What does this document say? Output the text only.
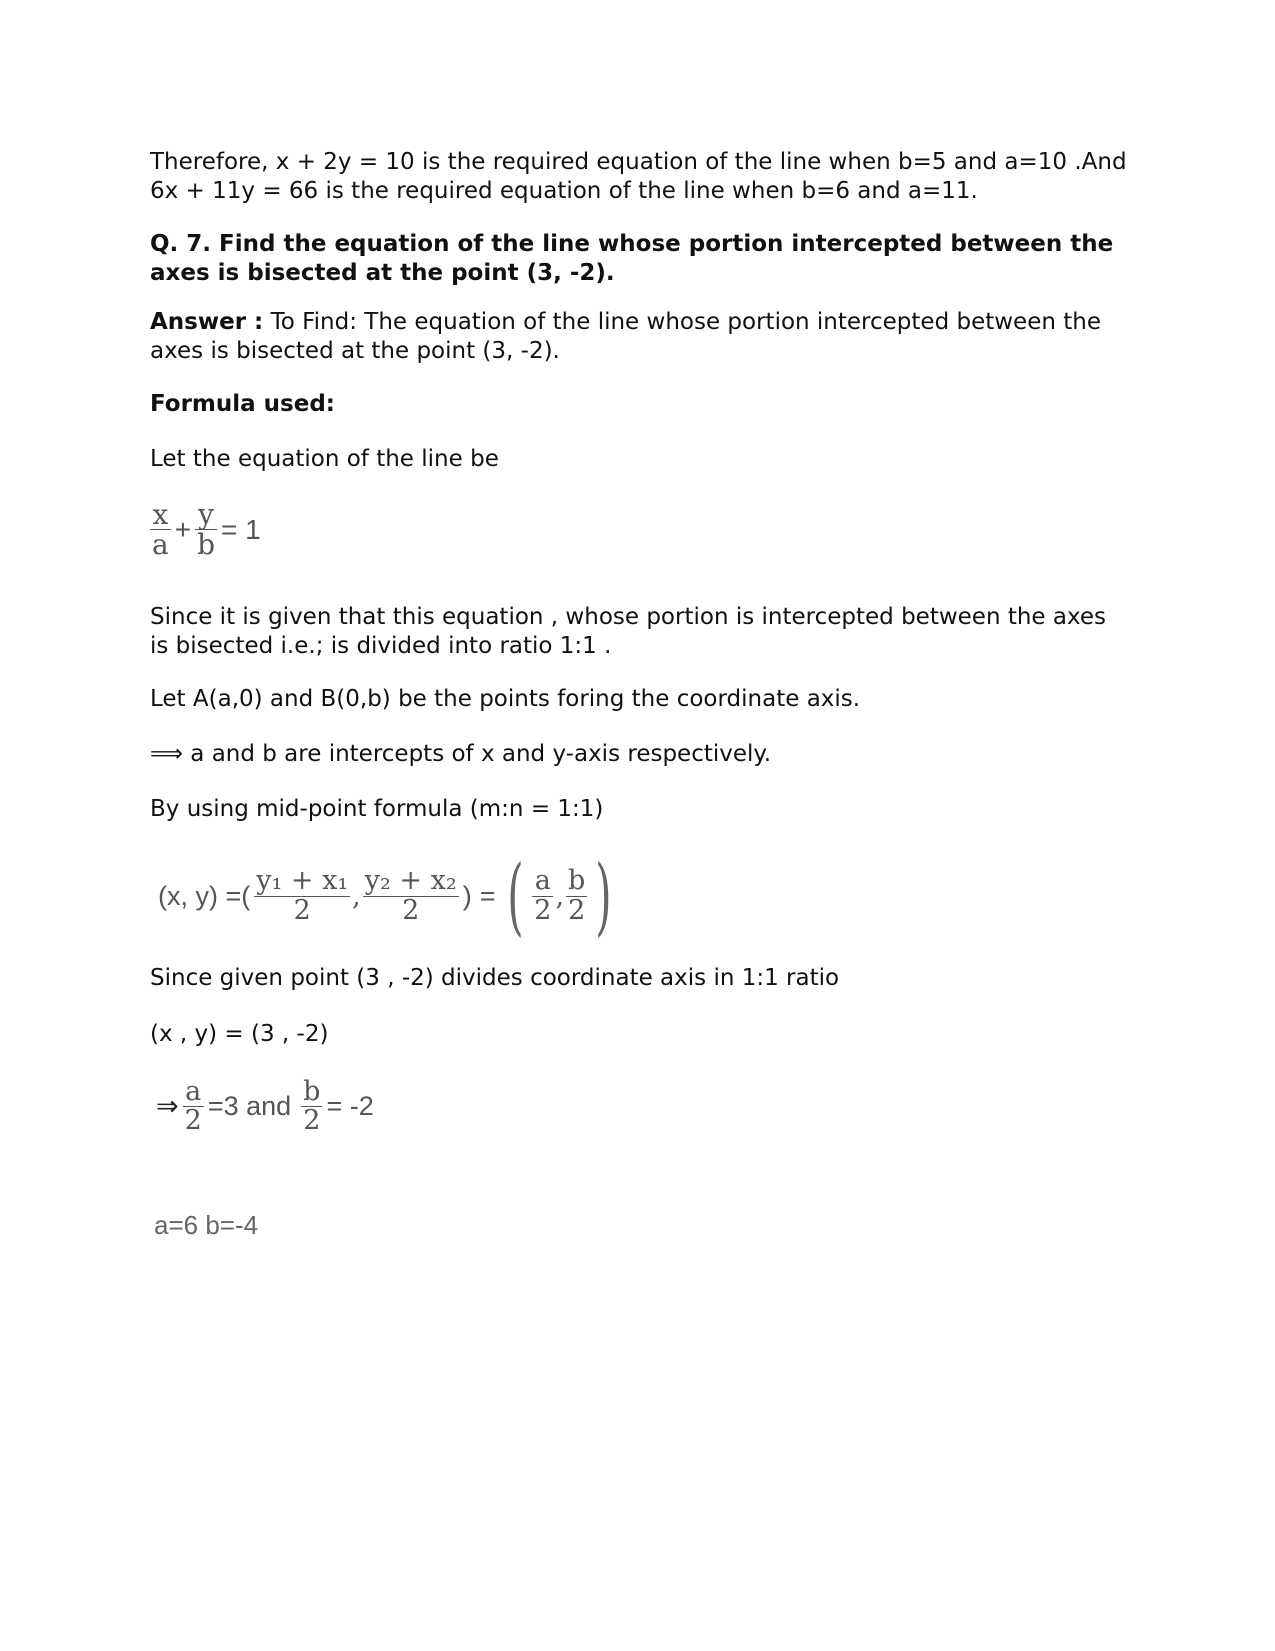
Therefore, x + 2y = 10 is the required equation of the line when b=5 and a=10 .And 6x + 11y = 66 is the required equation of the line when b=6 and a=11.

Q. 7. Find the equation of the line whose portion intercepted between the axes is bisected at the point (3, -2).

Answer : To Find: The equation of the line whose portion intercepted between the axes is bisected at the point (3, -2).

Formula used:

Let the equation of the line be

$\frac{x}{a} + \frac{y}{b} = 1$

Since it is given that this equation , whose portion is intercepted between the axes is bisected i.e.; is divided into ratio 1:1 .

Let A(a,0) and B(0,b) be the points foring the coordinate axis.

⟹ a and b are intercepts of x and y-axis respectively.

By using mid-point formula (m:n = 1:1)

(x, y) =( $\frac{\text{y₁ + x₁}}{2}$ , $\frac{\text{y₂ + x₂}}{2}$ ) = ( $\frac{a}{2}$ , $\frac{b}{2}$ )

Since given point (3 , -2) divides coordinate axis in 1:1 ratio

(x , y) = (3 , -2)

⇒ $\frac{a}{2} =3$ and $\frac{b}{2} = -2$
a=6 b=-4
